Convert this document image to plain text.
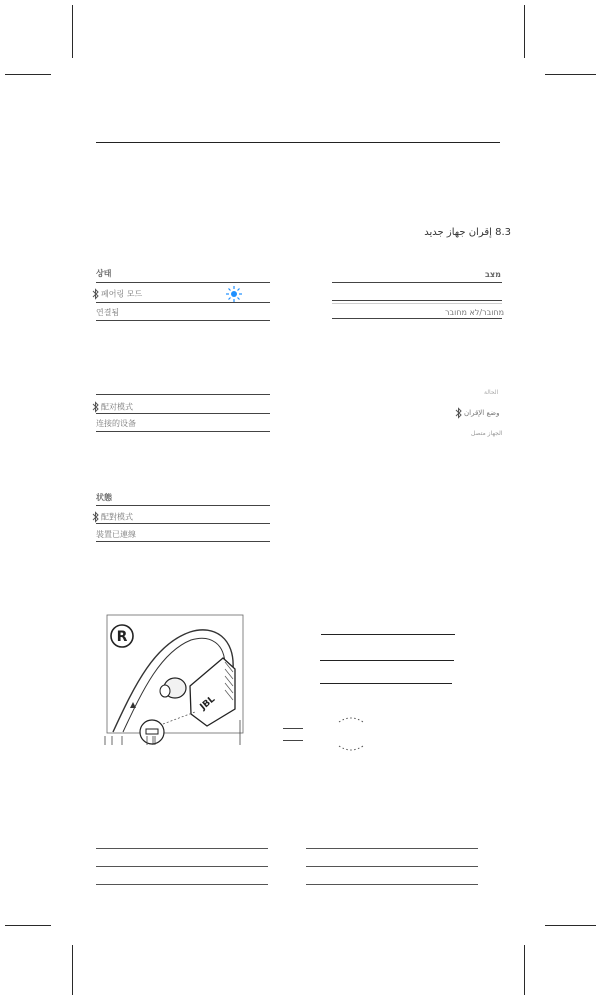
8.3 إقران جهاز جديد
상태
페어링 모드
연결됨
מצב
מחובר/לא מחובר
配对模式
连接的设备
الحالة
وضع الإقران
الجهاز متصل
状態
配對模式
裝置已連線
R
JBL
